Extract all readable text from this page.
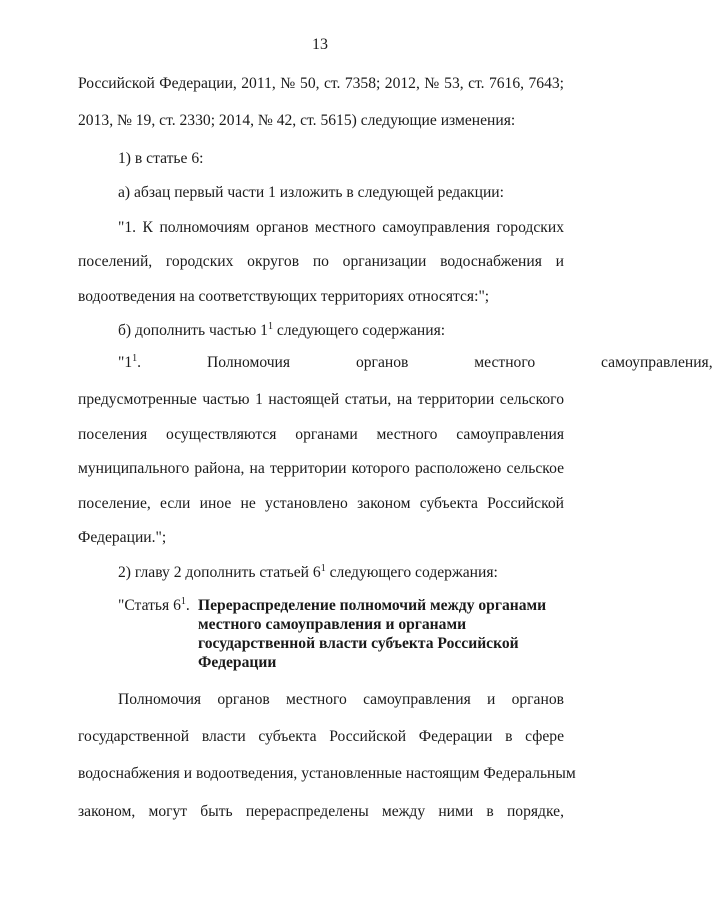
13
Российской Федерации, 2011, № 50, ст. 7358; 2012, № 53, ст. 7616, 7643;
2013, № 19, ст. 2330; 2014, № 42, ст. 5615) следующие изменения:
1) в статье 6:
а) абзац первый части 1 изложить в следующей редакции:
"1. К полномочиям органов местного самоуправления городских
поселений, городских округов по организации водоснабжения и
водоотведения на соответствующих территориях относятся:";
б) дополнить частью $1^1$ следующего содержания:
"$1^1$. Полномочия органов местного самоуправления,
предусмотренные частью 1 настоящей статьи, на территории сельского
поселения осуществляются органами местного самоуправления
муниципального района, на территории которого расположено сельское
поселение, если иное не установлено законом субъекта Российской
Федерации.";
2) главу 2 дополнить статьей $6^1$ следующего содержания:
"Статья $6^1$. Перераспределение полномочий между органами
местного самоуправления и органами
государственной власти субъекта Российской
Федерации
Полномочия органов местного самоуправления и органов
государственной власти субъекта Российской Федерации в сфере
водоснабжения и водоотведения, установленные настоящим Федеральным
законом, могут быть перераспределены между ними в порядке,
